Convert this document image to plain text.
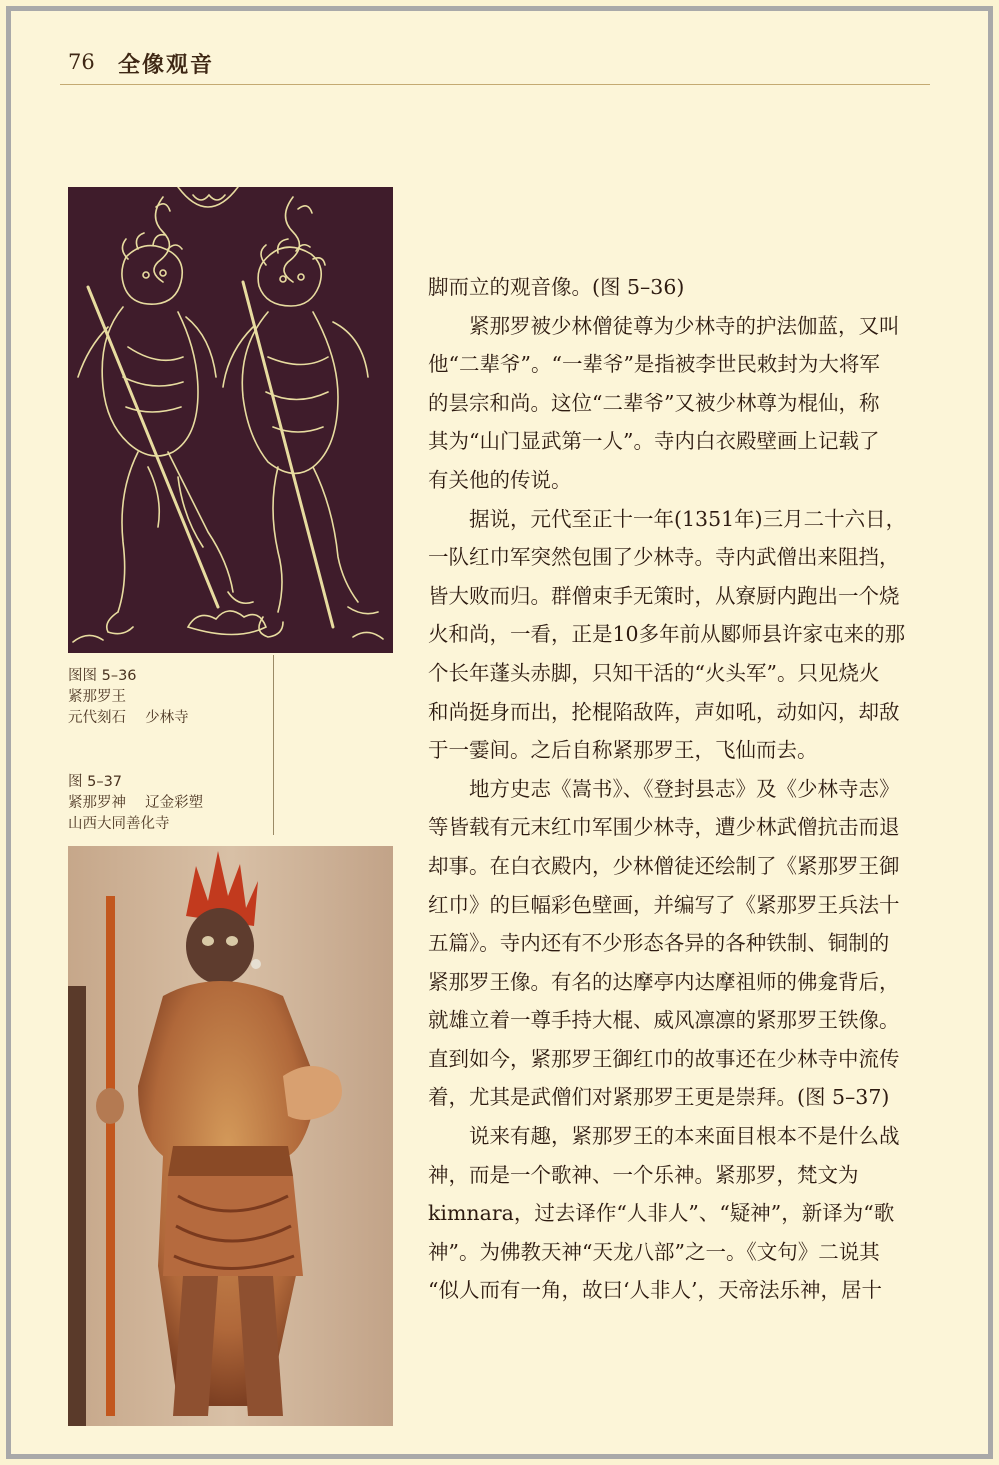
76 全像观音
图图 5–36
紧那罗王
元代刻石　 少林寺
图 5–37
紧那罗神　 辽金彩塑
山西大同善化寺

脚而立的观音像。(图 5–36)

紧那罗被少林僧徒尊为少林寺的护法伽蓝，又叫
他“二辈爷”。“一辈爷”是指被李世民敕封为大将军
的昙宗和尚。这位“二辈爷”又被少林尊为棍仙，称
其为“山门显武第一人”。寺内白衣殿壁画上记载了
有关他的传说。

据说，元代至正十一年(1351年)三月二十六日，
一队红巾军突然包围了少林寺。寺内武僧出来阻挡，
皆大败而归。群僧束手无策时，从寮厨内跑出一个烧
火和尚，一看，正是10多年前从郾师县许家屯来的那
个长年蓬头赤脚，只知干活的“火头军”。只见烧火
和尚挺身而出，抡棍陷敌阵，声如吼，动如闪，却敌
于一霎间。之后自称紧那罗王，飞仙而去。

地方史志《嵩书》、《登封县志》及《少林寺志》
等皆载有元末红巾军围少林寺，遭少林武僧抗击而退
却事。在白衣殿内，少林僧徒还绘制了《紧那罗王御
红巾》的巨幅彩色壁画，并编写了《紧那罗王兵法十
五篇》。寺内还有不少形态各异的各种铁制、铜制的
紧那罗王像。有名的达摩亭内达摩祖师的佛龛背后，
就雄立着一尊手持大棍、威风凛凛的紧那罗王铁像。
直到如今，紧那罗王御红巾的故事还在少林寺中流传
着，尤其是武僧们对紧那罗王更是崇拜。(图 5–37)

说来有趣，紧那罗王的本来面目根本不是什么战
神，而是一个歌神、一个乐神。紧那罗，梵文为
kimnara，过去译作“人非人”、“疑神”，新译为“歌
神”。为佛教天神“天龙八部”之一。《文句》二说其
“似人而有一角，故曰‘人非人’，天帝法乐神，居十
